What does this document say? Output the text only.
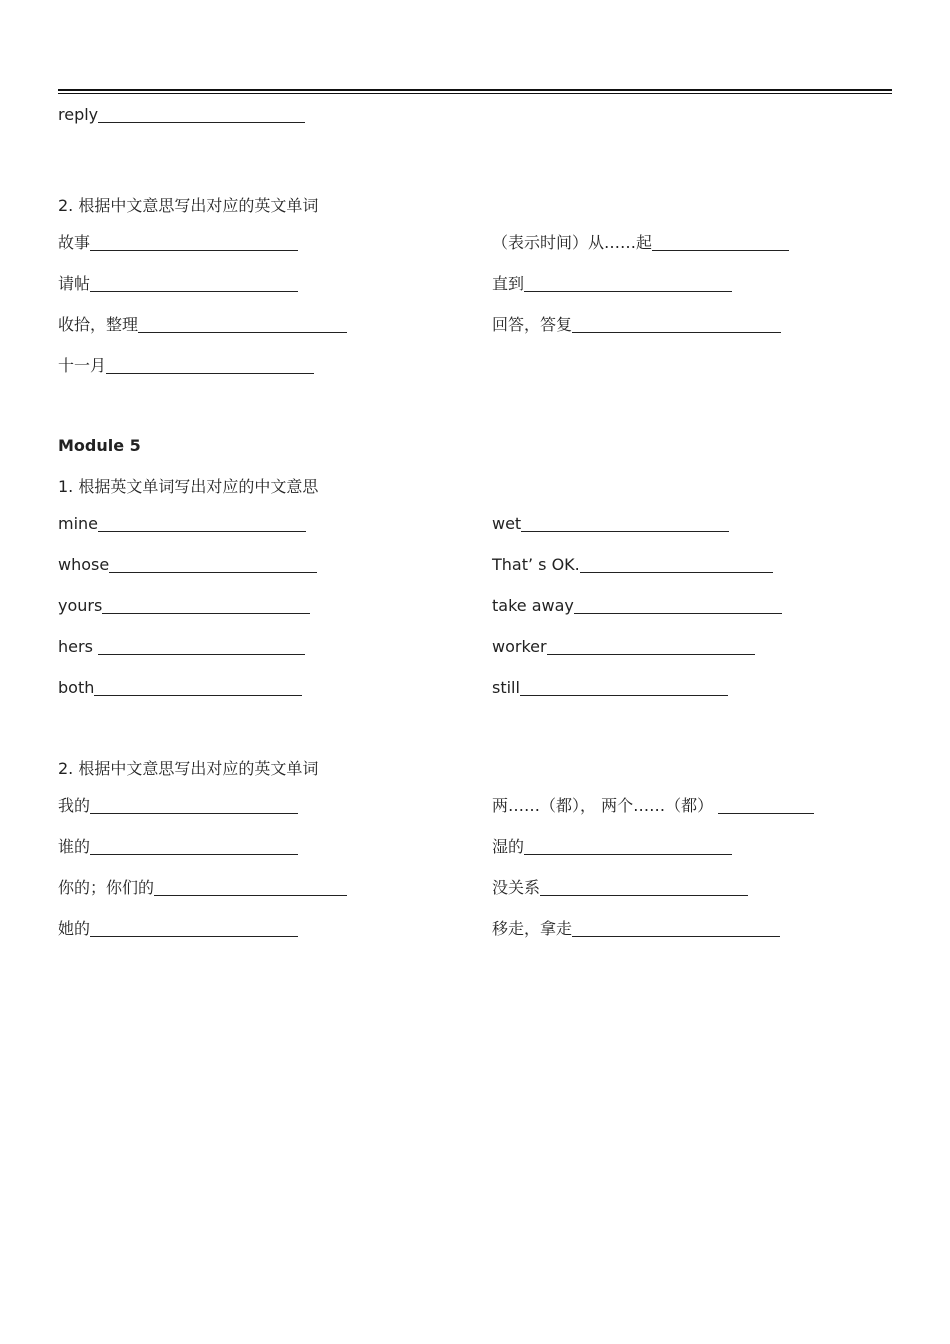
reply
2. 根据中文意思写出对应的英文单词
故事
请帖
收拾，整理
十一月
（表示时间）从……起
直到
回答，答复
Module 5
1. 根据英文单词写出对应的中文意思
mine
whose
yours
hers
both
wet
That’ s OK.
take away
worker
still
2. 根据中文意思写出对应的英文单词
我的
谁的
你的；你们的
她的
两……（都）， 两个……（都）
湿的
没关系
移走，拿走
